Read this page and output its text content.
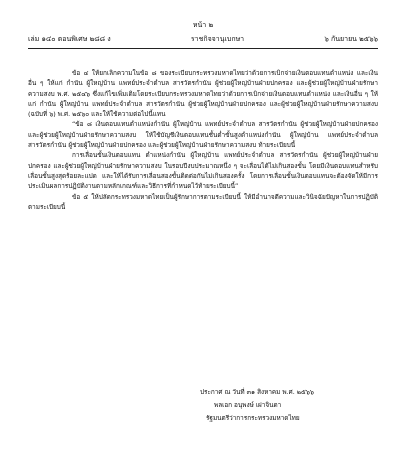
หน้า ๒
เล่ม ๑๔๐ ตอนพิเศษ ๒๘๘ ง	ราชกิจจานุเบกษา	๖ กันยายน ๒๕๖๖

ข้อ ๔ ให้ยกเลิกความในข้อ ๘ ของระเบียบกระทรวงมหาดไทยว่าด้วยการเบิกจ่ายเงินตอบแทนตำแหน่ง และเงินอื่น ๆ ให้แก่ กำนัน ผู้ใหญ่บ้าน แพทย์ประจำตำบล สารวัตรกำนัน ผู้ช่วยผู้ใหญ่บ้านฝ่ายปกครอง และผู้ช่วยผู้ใหญ่บ้านฝ่ายรักษาความสงบ พ.ศ. ๒๕๔๖ ซึ่งแก้ไขเพิ่มเติมโดยระเบียบกระทรวงมหาดไทยว่าด้วยการเบิกจ่ายเงินตอบแทนตำแหน่ง และเงินอื่น ๆ ให้แก่ กำนัน ผู้ใหญ่บ้าน แพทย์ประจำตำบล สารวัตรกำนัน ผู้ช่วยผู้ใหญ่บ้านฝ่ายปกครอง และผู้ช่วยผู้ใหญ่บ้านฝ่ายรักษาความสงบ (ฉบับที่ ๖) พ.ศ. ๒๕๖๐ และให้ใช้ความต่อไปนี้แทน

“ข้อ ๘ เงินตอบแทนตำแหน่งกำนัน ผู้ใหญ่บ้าน แพทย์ประจำตำบล สารวัตรกำนัน ผู้ช่วยผู้ใหญ่บ้านฝ่ายปกครอง และผู้ช่วยผู้ใหญ่บ้านฝ่ายรักษาความสงบ ให้ใช้บัญชีเงินตอบแทนชั้นต่ำขั้นสูงตำแหน่งกำนัน ผู้ใหญ่บ้าน แพทย์ประจำตำบล สารวัตรกำนัน ผู้ช่วยผู้ใหญ่บ้านฝ่ายปกครอง และผู้ช่วยผู้ใหญ่บ้านฝ่ายรักษาความสงบ ท้ายระเบียบนี้

การเลื่อนขั้นเงินตอบแทน ตำแหน่งกำนัน ผู้ใหญ่บ้าน แพทย์ประจำตำบล สารวัตรกำนัน ผู้ช่วยผู้ใหญ่บ้านฝ่ายปกครอง และผู้ช่วยผู้ใหญ่บ้านฝ่ายรักษาความสงบ ในรอบปีงบประมาณหนึ่ง ๆ จะเลื่อนได้ไม่เกินสองขั้น โดยมีเงินตอบแทนสำหรับเลื่อนขั้นสูงสุดร้อยละแปด และให้ได้รับการเลื่อนสองขั้นติดต่อกันไม่เกินสองครั้ง โดยการเลื่อนขั้นเงินตอบแทนจะต้องจัดให้มีการประเมินผลการปฏิบัติงานตามหลักเกณฑ์และวิธีการที่กำหนดไว้ท้ายระเบียบนี้”

ข้อ ๕ ให้ปลัดกระทรวงมหาดไทยเป็นผู้รักษาการตามระเบียบนี้ ให้มีอำนาจตีความและวินิจฉัยปัญหาในการปฏิบัติตามระเบียบนี้

ประกาศ ณ วันที่ ๓๑ สิงหาคม พ.ศ. ๒๕๖๖
พลเอก อนุพงษ์ เผ่าจินดา
รัฐมนตรีว่าการกระทรวงมหาดไทย
